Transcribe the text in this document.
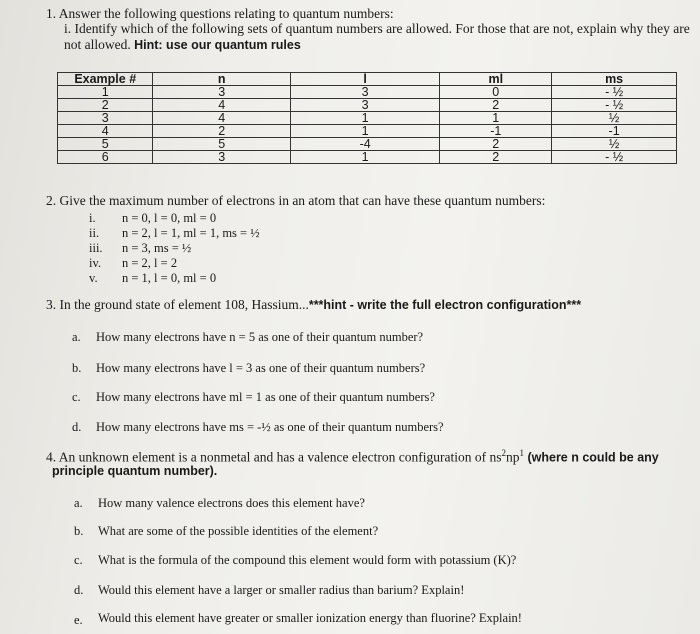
1. Answer the following questions relating to quantum numbers:
i. Identify which of the following sets of quantum numbers are allowed. For those that are not, explain why they are
not allowed. Hint: use our quantum rules
Example #	n	l	ml	ms
1	3	3	0	- ½
2	4	3	2	- ½
3	4	1	1	½
4	2	1	-1	-1
5	5	-4	2	½
6	3	1	2	- ½
2. Give the maximum number of electrons in an atom that can have these quantum numbers:
i. n = 0, l = 0, ml = 0
ii. n = 2, l = 1, ml = 1, ms = ½
iii. n = 3, ms = ½
iv. n = 2, l = 2
v. n = 1, l = 0, ml = 0
3. In the ground state of element 108, Hassium...***hint - write the full electron configuration***
a. How many electrons have n = 5 as one of their quantum number?
b. How many electrons have l = 3 as one of their quantum numbers?
c. How many electrons have ml = 1 as one of their quantum numbers?
d. How many electrons have ms = -½ as one of their quantum numbers?
4. An unknown element is a nonmetal and has a valence electron configuration of $ns^2np^1$ (where n could be any
principle quantum number).
a. How many valence electrons does this element have?
b. What are some of the possible identities of the element?
c. What is the formula of the compound this element would form with potassium (K)?
d. Would this element have a larger or smaller radius than barium? Explain!
e. Would this element have greater or smaller ionization energy than fluorine? Explain!
